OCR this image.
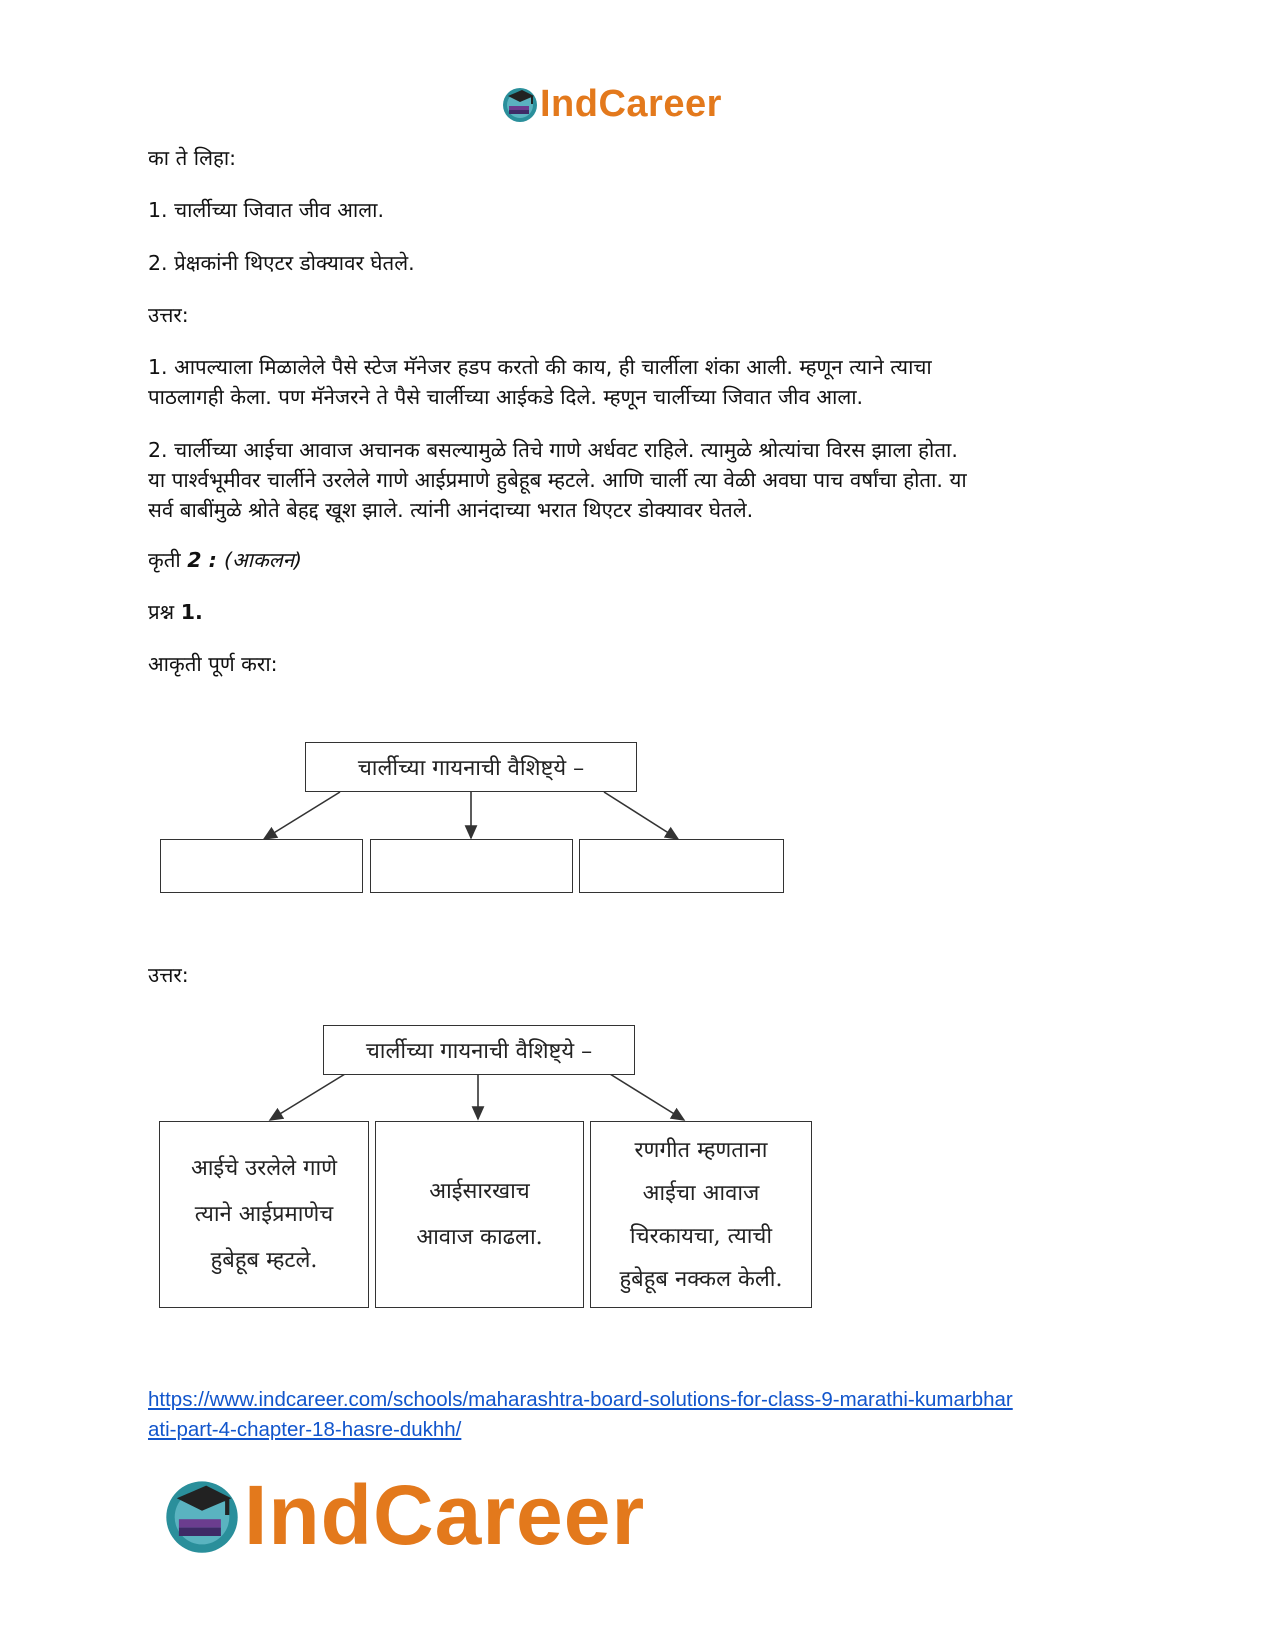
IndCareer
का ते लिहा:
1. चार्लीच्या जिवात जीव आला.
2. प्रेक्षकांनी थिएटर डोक्यावर घेतले.
उत्तर:
1. आपल्याला मिळालेले पैसे स्टेज मॅनेजर हडप करतो की काय, ही चार्लीला शंका आली. म्हणून त्याने त्याचा
पाठलागही केला. पण मॅनेजरने ते पैसे चार्लीच्या आईकडे दिले. म्हणून चार्लीच्या जिवात जीव आला.
2. चार्लीच्या आईचा आवाज अचानक बसल्यामुळे तिचे गाणे अर्धवट राहिले. त्यामुळे श्रोत्यांचा विरस झाला होता.
या पार्श्वभूमीवर चार्लीने उरलेले गाणे आईप्रमाणे हुबेहूब म्हटले. आणि चार्ली त्या वेळी अवघा पाच वर्षांचा होता. या
सर्व बाबींमुळे श्रोते बेहद्द खूश झाले. त्यांनी आनंदाच्या भरात थिएटर डोक्यावर घेतले.
कृती 2 : (आकलन)
प्रश्न 1.
आकृती पूर्ण करा:
चार्लीच्या गायनाची वैशिष्ट्ये –
उत्तर:
चार्लीच्या गायनाची वैशिष्ट्ये –
आईचे उरलेले गाणे
त्याने आईप्रमाणेच
हुबेहूब म्हटले.
आईसारखाच
आवाज काढला.
रणगीत म्हणताना
आईचा आवाज
चिरकायचा, त्याची
हुबेहूब नक्कल केली.
https://www.indcareer.com/schools/maharashtra-board-solutions-for-class-9-marathi-kumarbhar
ati-part-4-chapter-18-hasre-dukhh/
IndCareer
